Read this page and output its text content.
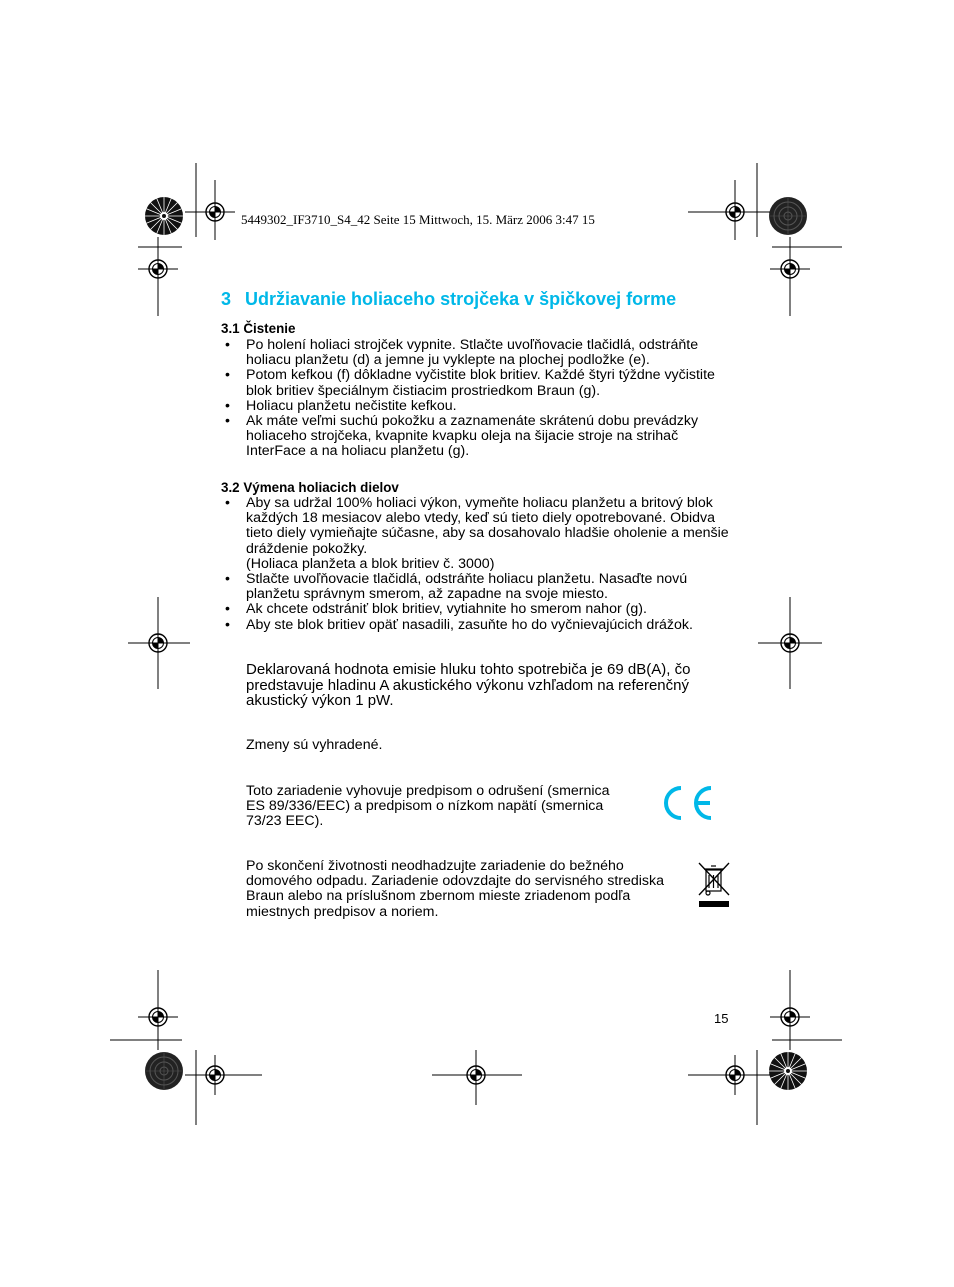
5449302_IF3710_S4_42 Seite 15 Mittwoch, 15. März 2006 3:47 15
3 Udržiavanie holiaceho strojčeka v špičkovej forme
3.1 Čistenie
• Po holení holiaci strojček vypnite. Stlačte uvoľňovacie tlačidlá, odstráňte
holiacu planžetu (d) a jemne ju vyklepte na plochej podložke (e).
• Potom kefkou (f) dôkladne vyčistite blok britiev. Každé štyri týždne vyčistite
blok britiev špeciálnym čistiacim prostriedkom Braun (g).
• Holiacu planžetu nečistite kefkou.
• Ak máte veľmi suchú pokožku a zaznamenáte skrátenú dobu prevádzky
holiaceho strojčeka, kvapnite kvapku oleja na šijacie stroje na strihač
InterFace a na holiacu planžetu (g).
3.2 Výmena holiacich dielov
• Aby sa udržal 100% holiaci výkon, vymeňte holiacu planžetu a britový blok
každých 18 mesiacov alebo vtedy, keď sú tieto diely opotrebované. Obidva
tieto diely vymieňajte súčasne, aby sa dosahovalo hladšie oholenie a menšie
dráždenie pokožky.
(Holiaca planžeta a blok britiev č. 3000)
• Stlačte uvoľňovacie tlačidlá, odstráňte holiacu planžetu. Nasaďte novú
planžetu správnym smerom, až zapadne na svoje miesto.
• Ak chcete odstrániť blok britiev, vytiahnite ho smerom nahor (g).
• Aby ste blok britiev opäť nasadili, zasuňte ho do vyčnievajúcich drážok.
Deklarovaná hodnota emisie hluku tohto spotrebiča je 69 dB(A), čo
predstavuje hladinu A akustického výkonu vzhľadom na referenčný
akustický výkon 1 pW.
Zmeny sú vyhradené.
Toto zariadenie vyhovuje predpisom o odrušení (smernica
ES 89/336/EEC) a predpisom o nízkom napätí (smernica
73/23 EEC).
Po skončení životnosti neodhadzujte zariadenie do bežného
domového odpadu. Zariadenie odovzdajte do servisného strediska
Braun alebo na príslušnom zbernom mieste zriadenom podľa
miestnych predpisov a noriem.
15
